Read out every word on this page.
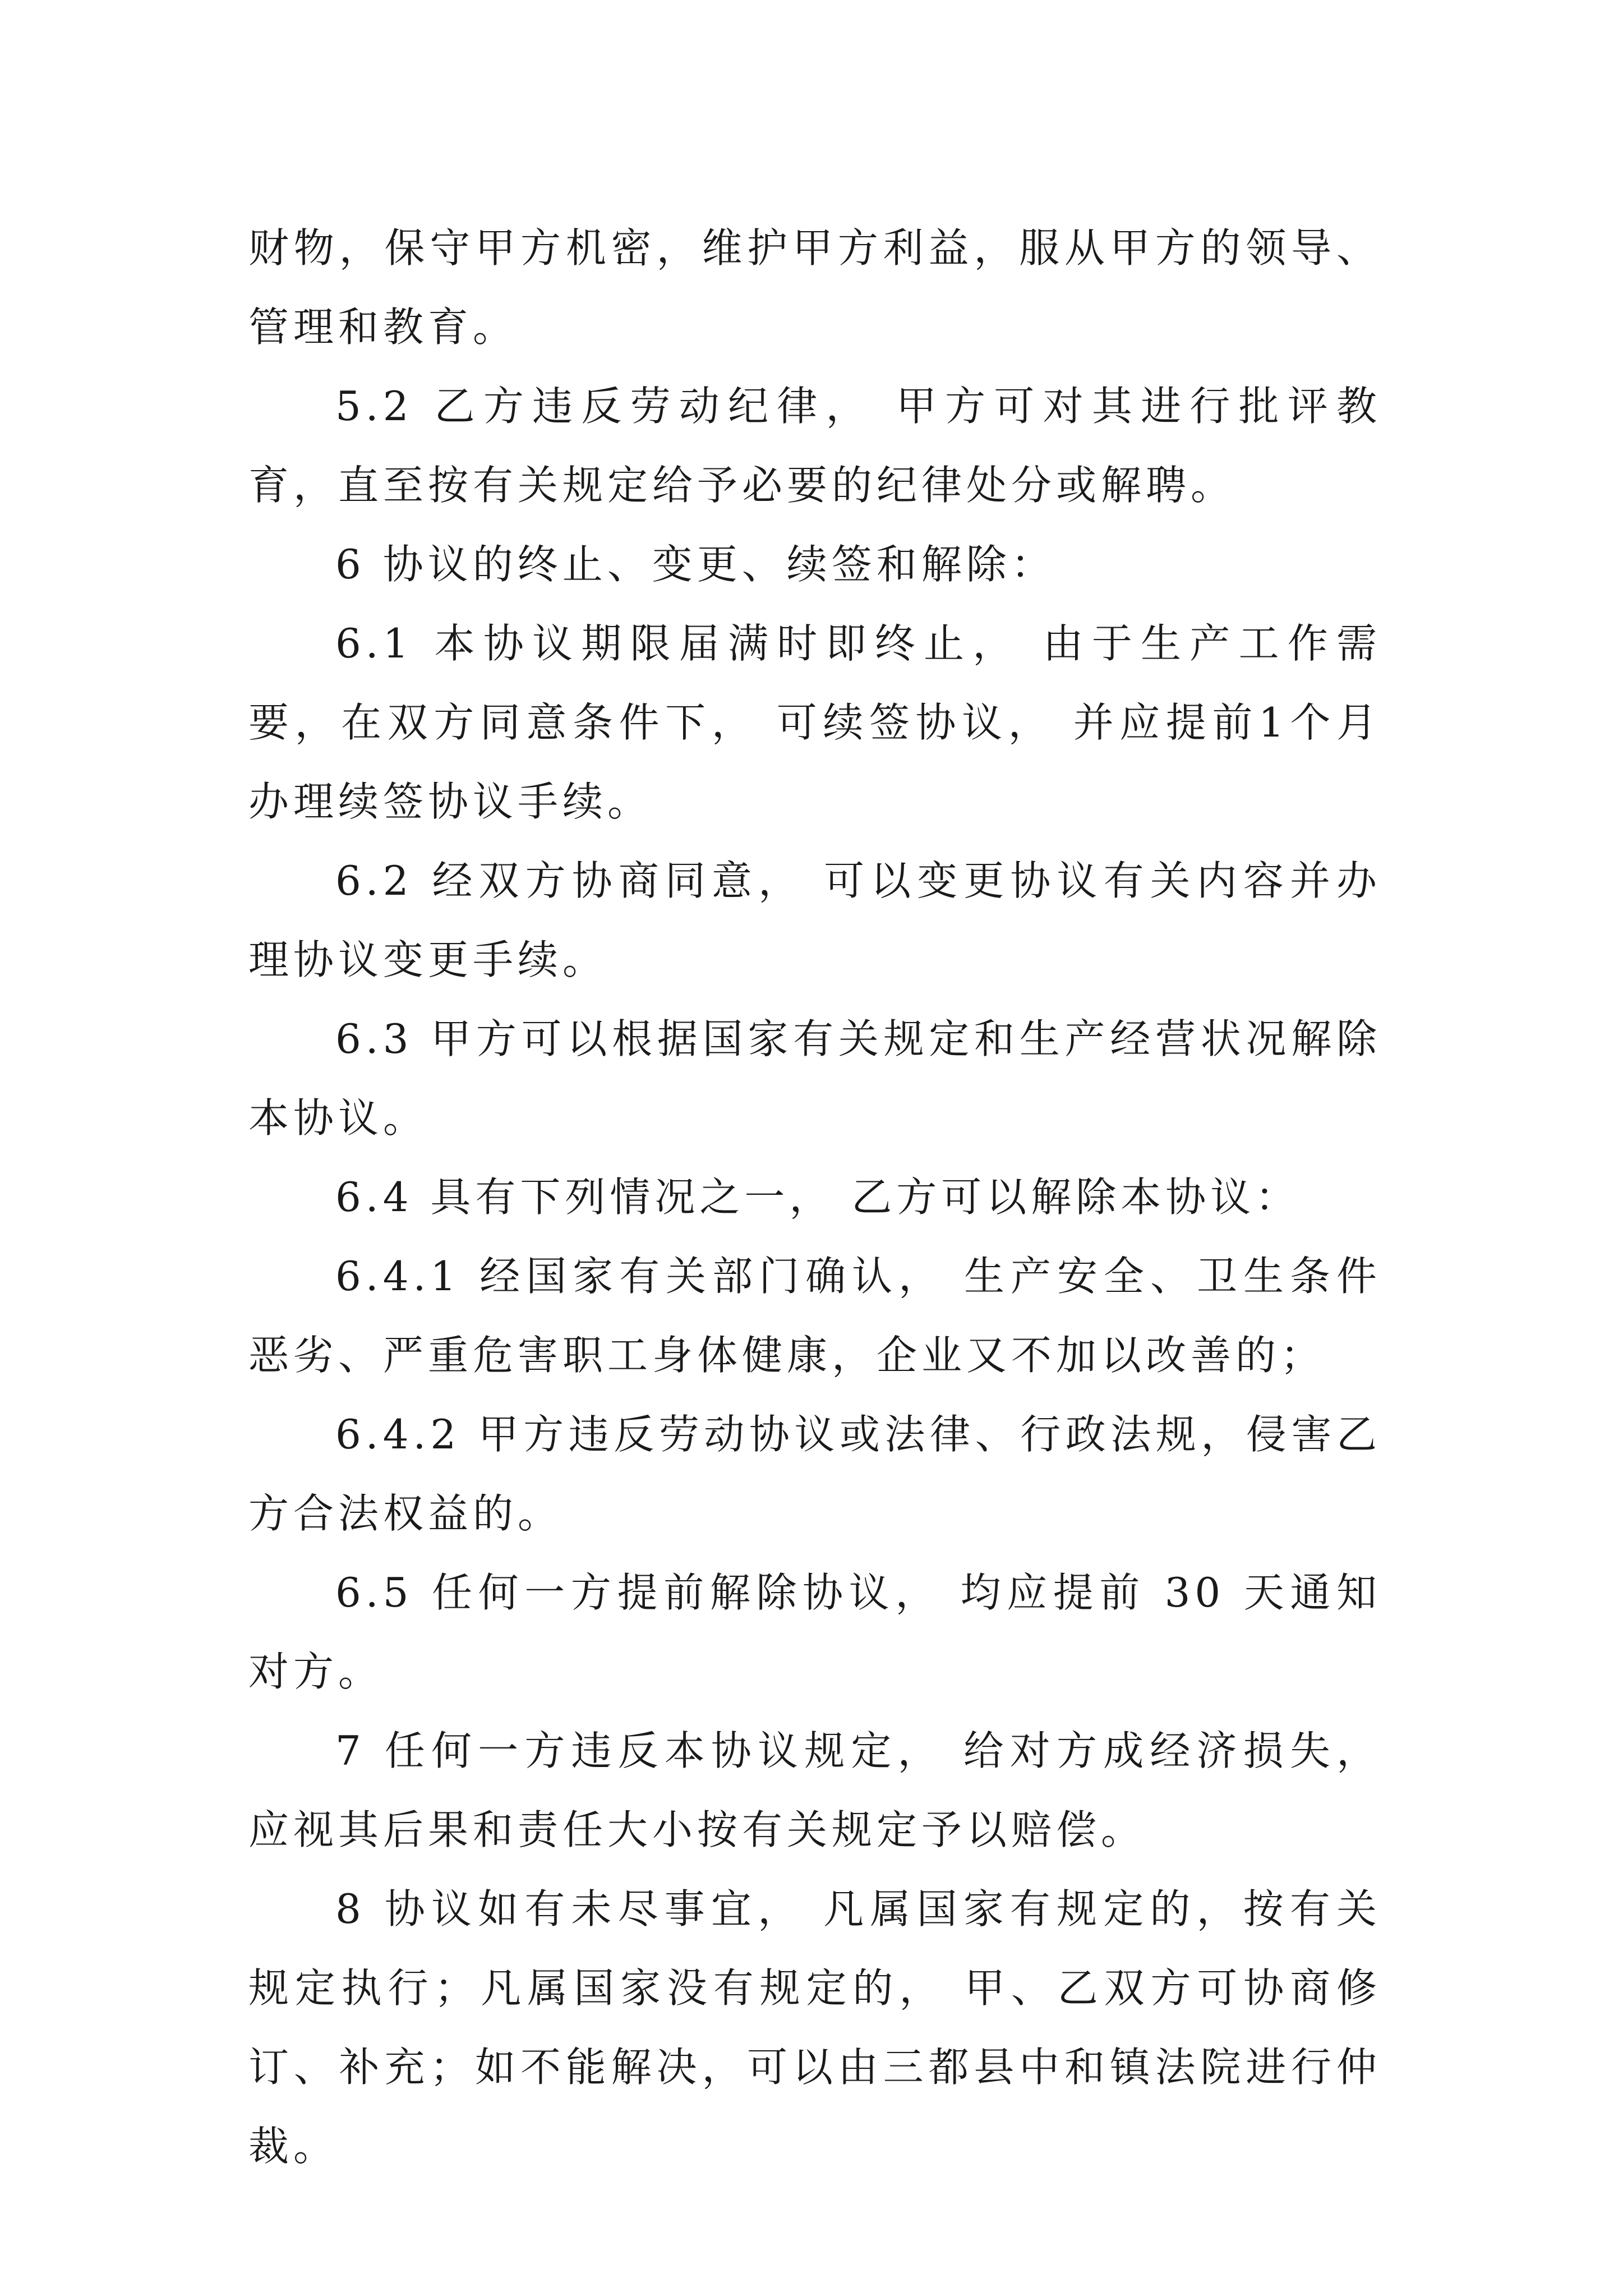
财物，保守甲方机密，维护甲方利益，服从甲方的领导、管理和教育。

5.2 乙方违反劳动纪律， 甲方可对其进行批评教育，直至按有关规定给予必要的纪律处分或解聘。

6 协议的终止、变更、续签和解除：

6.1 本协议期限届满时即终止， 由于生产工作需要，在双方同意条件下， 可续签协议， 并应提前1个月办理续签协议手续。

6.2 经双方协商同意， 可以变更协议有关内容并办理协议变更手续。

6.3 甲方可以根据国家有关规定和生产经营状况解除本协议。

6.4 具有下列情况之一， 乙方可以解除本协议：

6.4.1 经国家有关部门确认， 生产安全、卫生条件恶劣、严重危害职工身体健康，企业又不加以改善的；

6.4.2 甲方违反劳动协议或法律、行政法规，侵害乙方合法权益的。

6.5 任何一方提前解除协议， 均应提前 30 天通知对方。

7 任何一方违反本协议规定， 给对方成经济损失，应视其后果和责任大小按有关规定予以赔偿。

8 协议如有未尽事宜， 凡属国家有规定的，按有关规定执行；凡属国家没有规定的， 甲、乙双方可协商修订、补充；如不能解决，可以由三都县中和镇法院进行仲裁。
